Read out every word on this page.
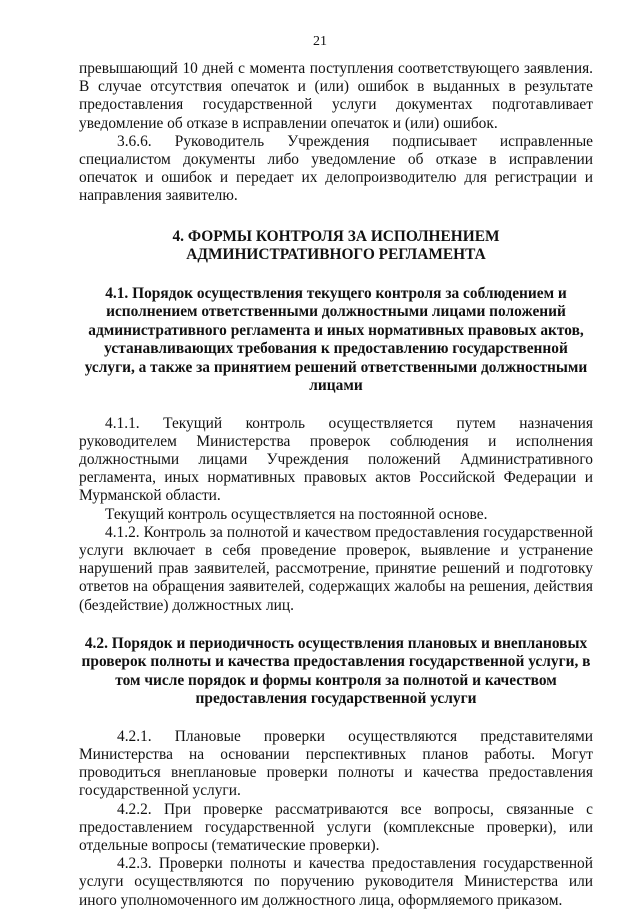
21

превышающий 10 дней с момента поступления соответствующего заявления. В случае отсутствия опечаток и (или) ошибок в выданных в результате предоставления государственной услуги документах подготавливает уведомление об отказе в исправлении опечаток и (или) ошибок.

3.6.6. Руководитель Учреждения подписывает исправленные специалистом документы либо уведомление об отказе в исправлении опечаток и ошибок и передает их делопроизводителю для регистрации и направления заявителю.

4. ФОРМЫ КОНТРОЛЯ ЗА ИСПОЛНЕНИЕМ АДМИНИСТРАТИВНОГО РЕГЛАМЕНТА
4.1. Порядок осуществления текущего контроля за соблюдением и исполнением ответственными должностными лицами положений административного регламента и иных нормативных правовых актов, устанавливающих требования к предоставлению государственной услуги, а также за принятием решений ответственными должностными лицами

4.1.1. Текущий контроль осуществляется путем назначения руководителем Министерства проверок соблюдения и исполнения должностными лицами Учреждения положений Административного регламента, иных нормативных правовых актов Российской Федерации и Мурманской области.

Текущий контроль осуществляется на постоянной основе.

4.1.2. Контроль за полнотой и качеством предоставления государственной услуги включает в себя проведение проверок, выявление и устранение нарушений прав заявителей, рассмотрение, принятие решений и подготовку ответов на обращения заявителей, содержащих жалобы на решения, действия (бездействие) должностных лиц.

4.2. Порядок и периодичность осуществления плановых и внеплановых проверок полноты и качества предоставления государственной услуги, в том числе порядок и формы контроля за полнотой и качеством предоставления государственной услуги

4.2.1. Плановые проверки осуществляются представителями Министерства на основании перспективных планов работы. Могут проводиться внеплановые проверки полноты и качества предоставления государственной услуги.

4.2.2. При проверке рассматриваются все вопросы, связанные с предоставлением государственной услуги (комплексные проверки), или отдельные вопросы (тематические проверки).

4.2.3. Проверки полноты и качества предоставления государственной услуги осуществляются по поручению руководителя Министерства или иного уполномоченного им должностного лица, оформляемого приказом.
